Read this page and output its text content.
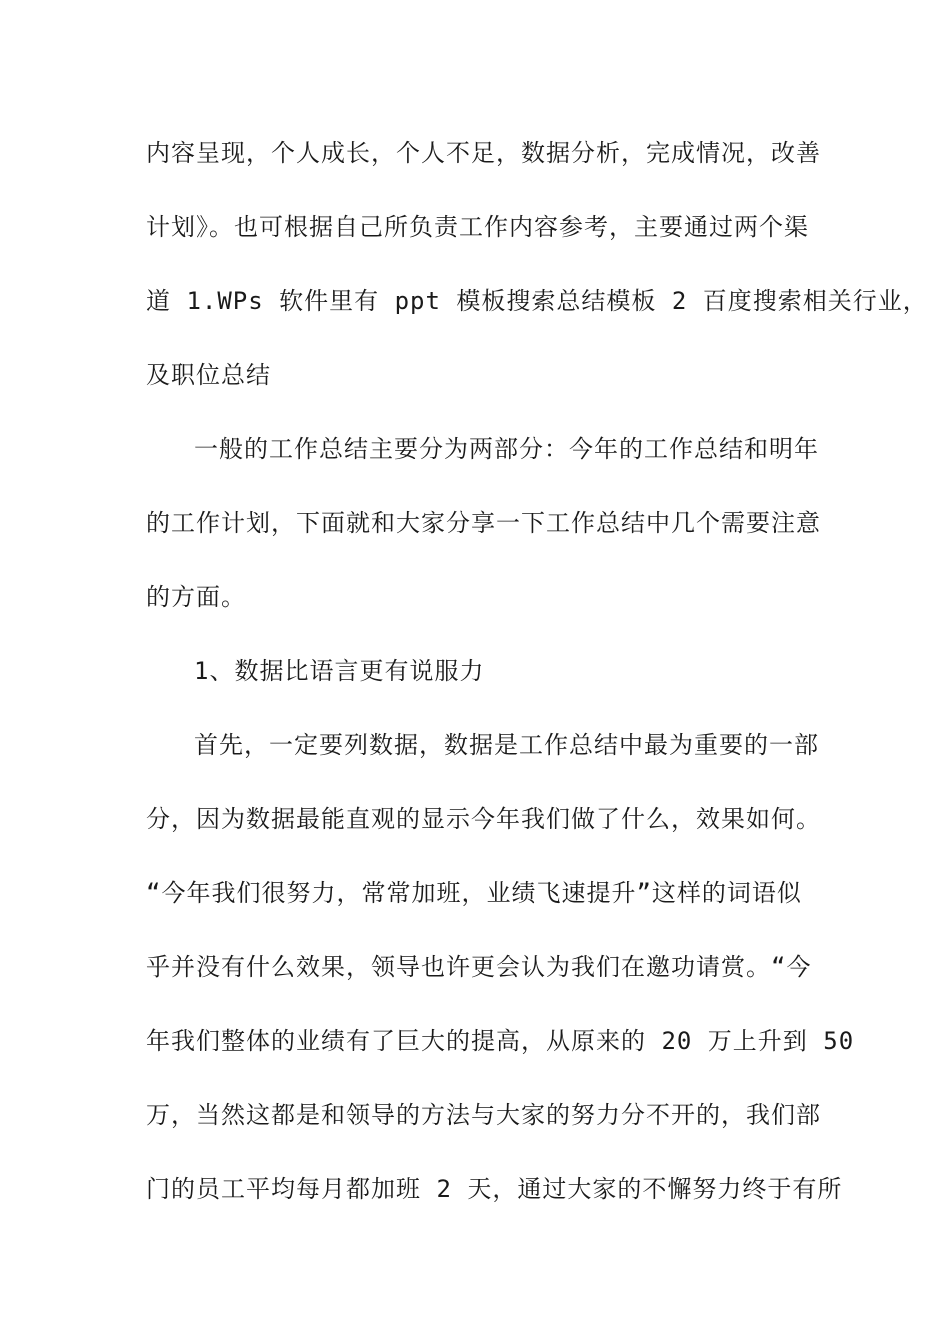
内容呈现，个人成长，个人不足，数据分析，完成情况，改善
计划》。也可根据自己所负责工作内容参考，主要通过两个渠
道 1.WPs 软件里有 ppt 模板搜索总结模板 2 百度搜索相关行业，
及职位总结
一般的工作总结主要分为两部分：今年的工作总结和明年
的工作计划，下面就和大家分享一下工作总结中几个需要注意
的方面。
1、数据比语言更有说服力
首先，一定要列数据，数据是工作总结中最为重要的一部
分，因为数据最能直观的显示今年我们做了什么，效果如何。
“今年我们很努力，常常加班，业绩飞速提升”这样的词语似
乎并没有什么效果，领导也许更会认为我们在邀功请赏。“今
年我们整体的业绩有了巨大的提高，从原来的 20 万上升到 50
万，当然这都是和领导的方法与大家的努力分不开的，我们部
门的员工平均每月都加班 2 天，通过大家的不懈努力终于有所
